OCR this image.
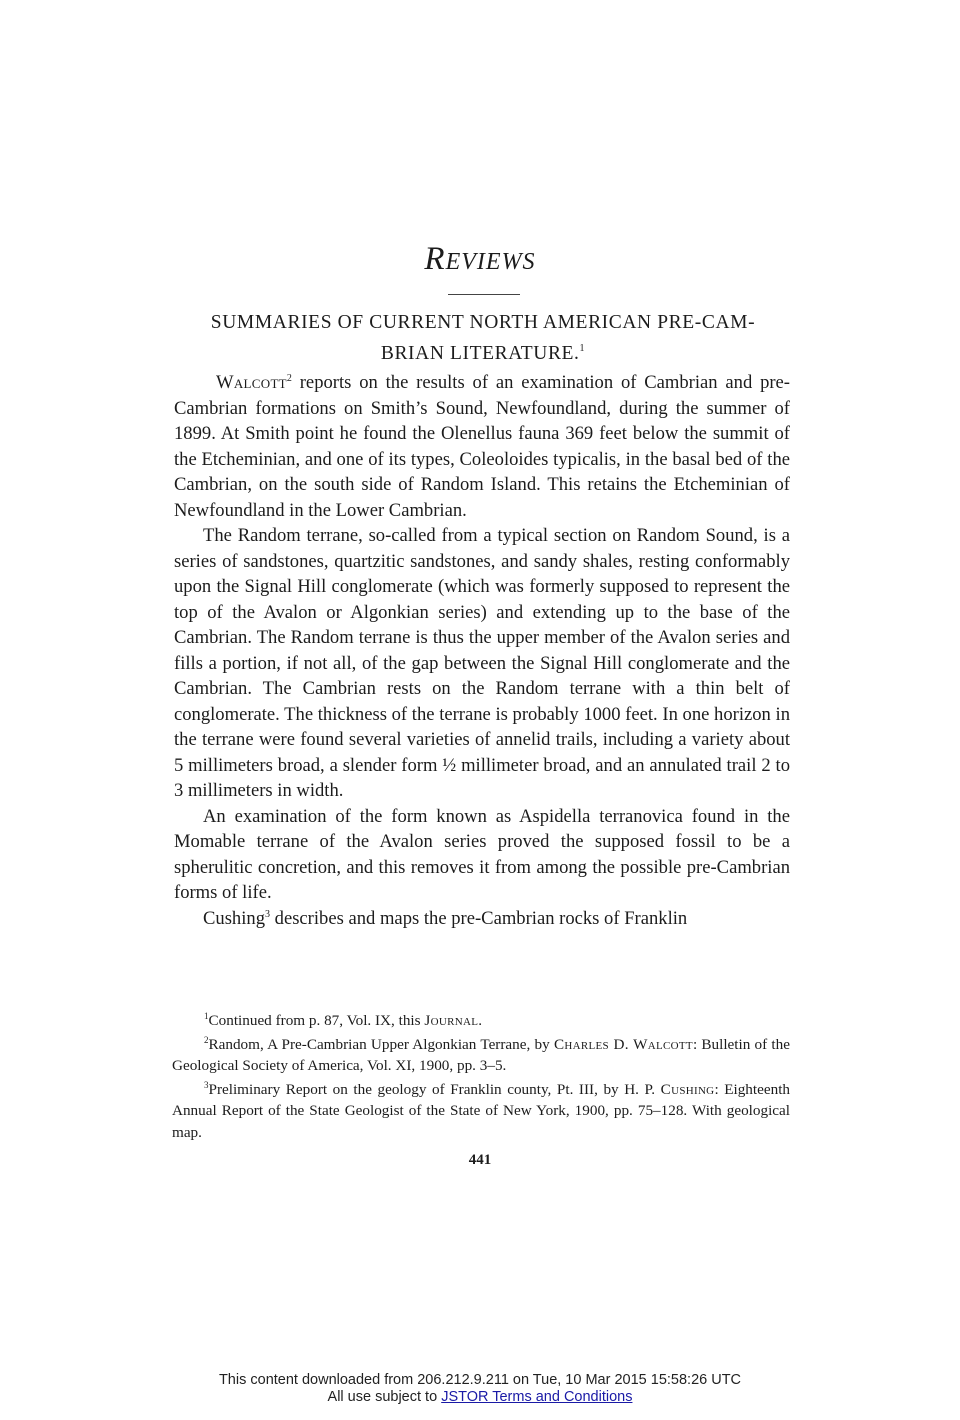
REVIEWS
SUMMARIES OF CURRENT NORTH AMERICAN PRE-CAM-
BRIAN LITERATURE.$^1$

Walcott$^2$ reports on the results of an examination of Cambrian and pre-Cambrian formations on Smith’s Sound, Newfoundland, during the summer of 1899. At Smith point he found the Olenellus fauna 369 feet below the summit of the Etcheminian, and one of its types, Coleoloides typicalis, in the basal bed of the Cambrian, on the south side of Random Island. This retains the Etcheminian of Newfoundland in the Lower Cambrian.

The Random terrane, so-called from a typical section on Random Sound, is a series of sandstones, quartzitic sandstones, and sandy shales, resting conformably upon the Signal Hill conglomerate (which was formerly supposed to represent the top of the Avalon or Algonkian series) and extending up to the base of the Cambrian. The Random terrane is thus the upper member of the Avalon series and fills a portion, if not all, of the gap between the Signal Hill conglomerate and the Cambrian. The Cambrian rests on the Random terrane with a thin belt of conglomerate. The thickness of the terrane is probably 1000 feet. In one horizon in the terrane were found several varieties of annelid trails, including a variety about 5 millimeters broad, a slender form ½ millimeter broad, and an annulated trail 2 to 3 millimeters in width.

An examination of the form known as Aspidella terranovica found in the Momable terrane of the Avalon series proved the supposed fossil to be a spherulitic concretion, and this removes it from among the possible pre-Cambrian forms of life.

Cushing$^3$ describes and maps the pre-Cambrian rocks of Franklin

$^1$Continued from p. 87, Vol. IX, this Journal.

$^2$Random, A Pre-Cambrian Upper Algonkian Terrane, by Charles D. Walcott: Bulletin of the Geological Society of America, Vol. XI, 1900, pp. 3–5.

$^3$Preliminary Report on the geology of Franklin county, Pt. III, by H. P. Cushing: Eighteenth Annual Report of the State Geologist of the State of New York, 1900, pp. 75–128. With geological map.

441
This content downloaded from 206.212.9.211 on Tue, 10 Mar 2015 15:58:26 UTC
All use subject to JSTOR Terms and Conditions
